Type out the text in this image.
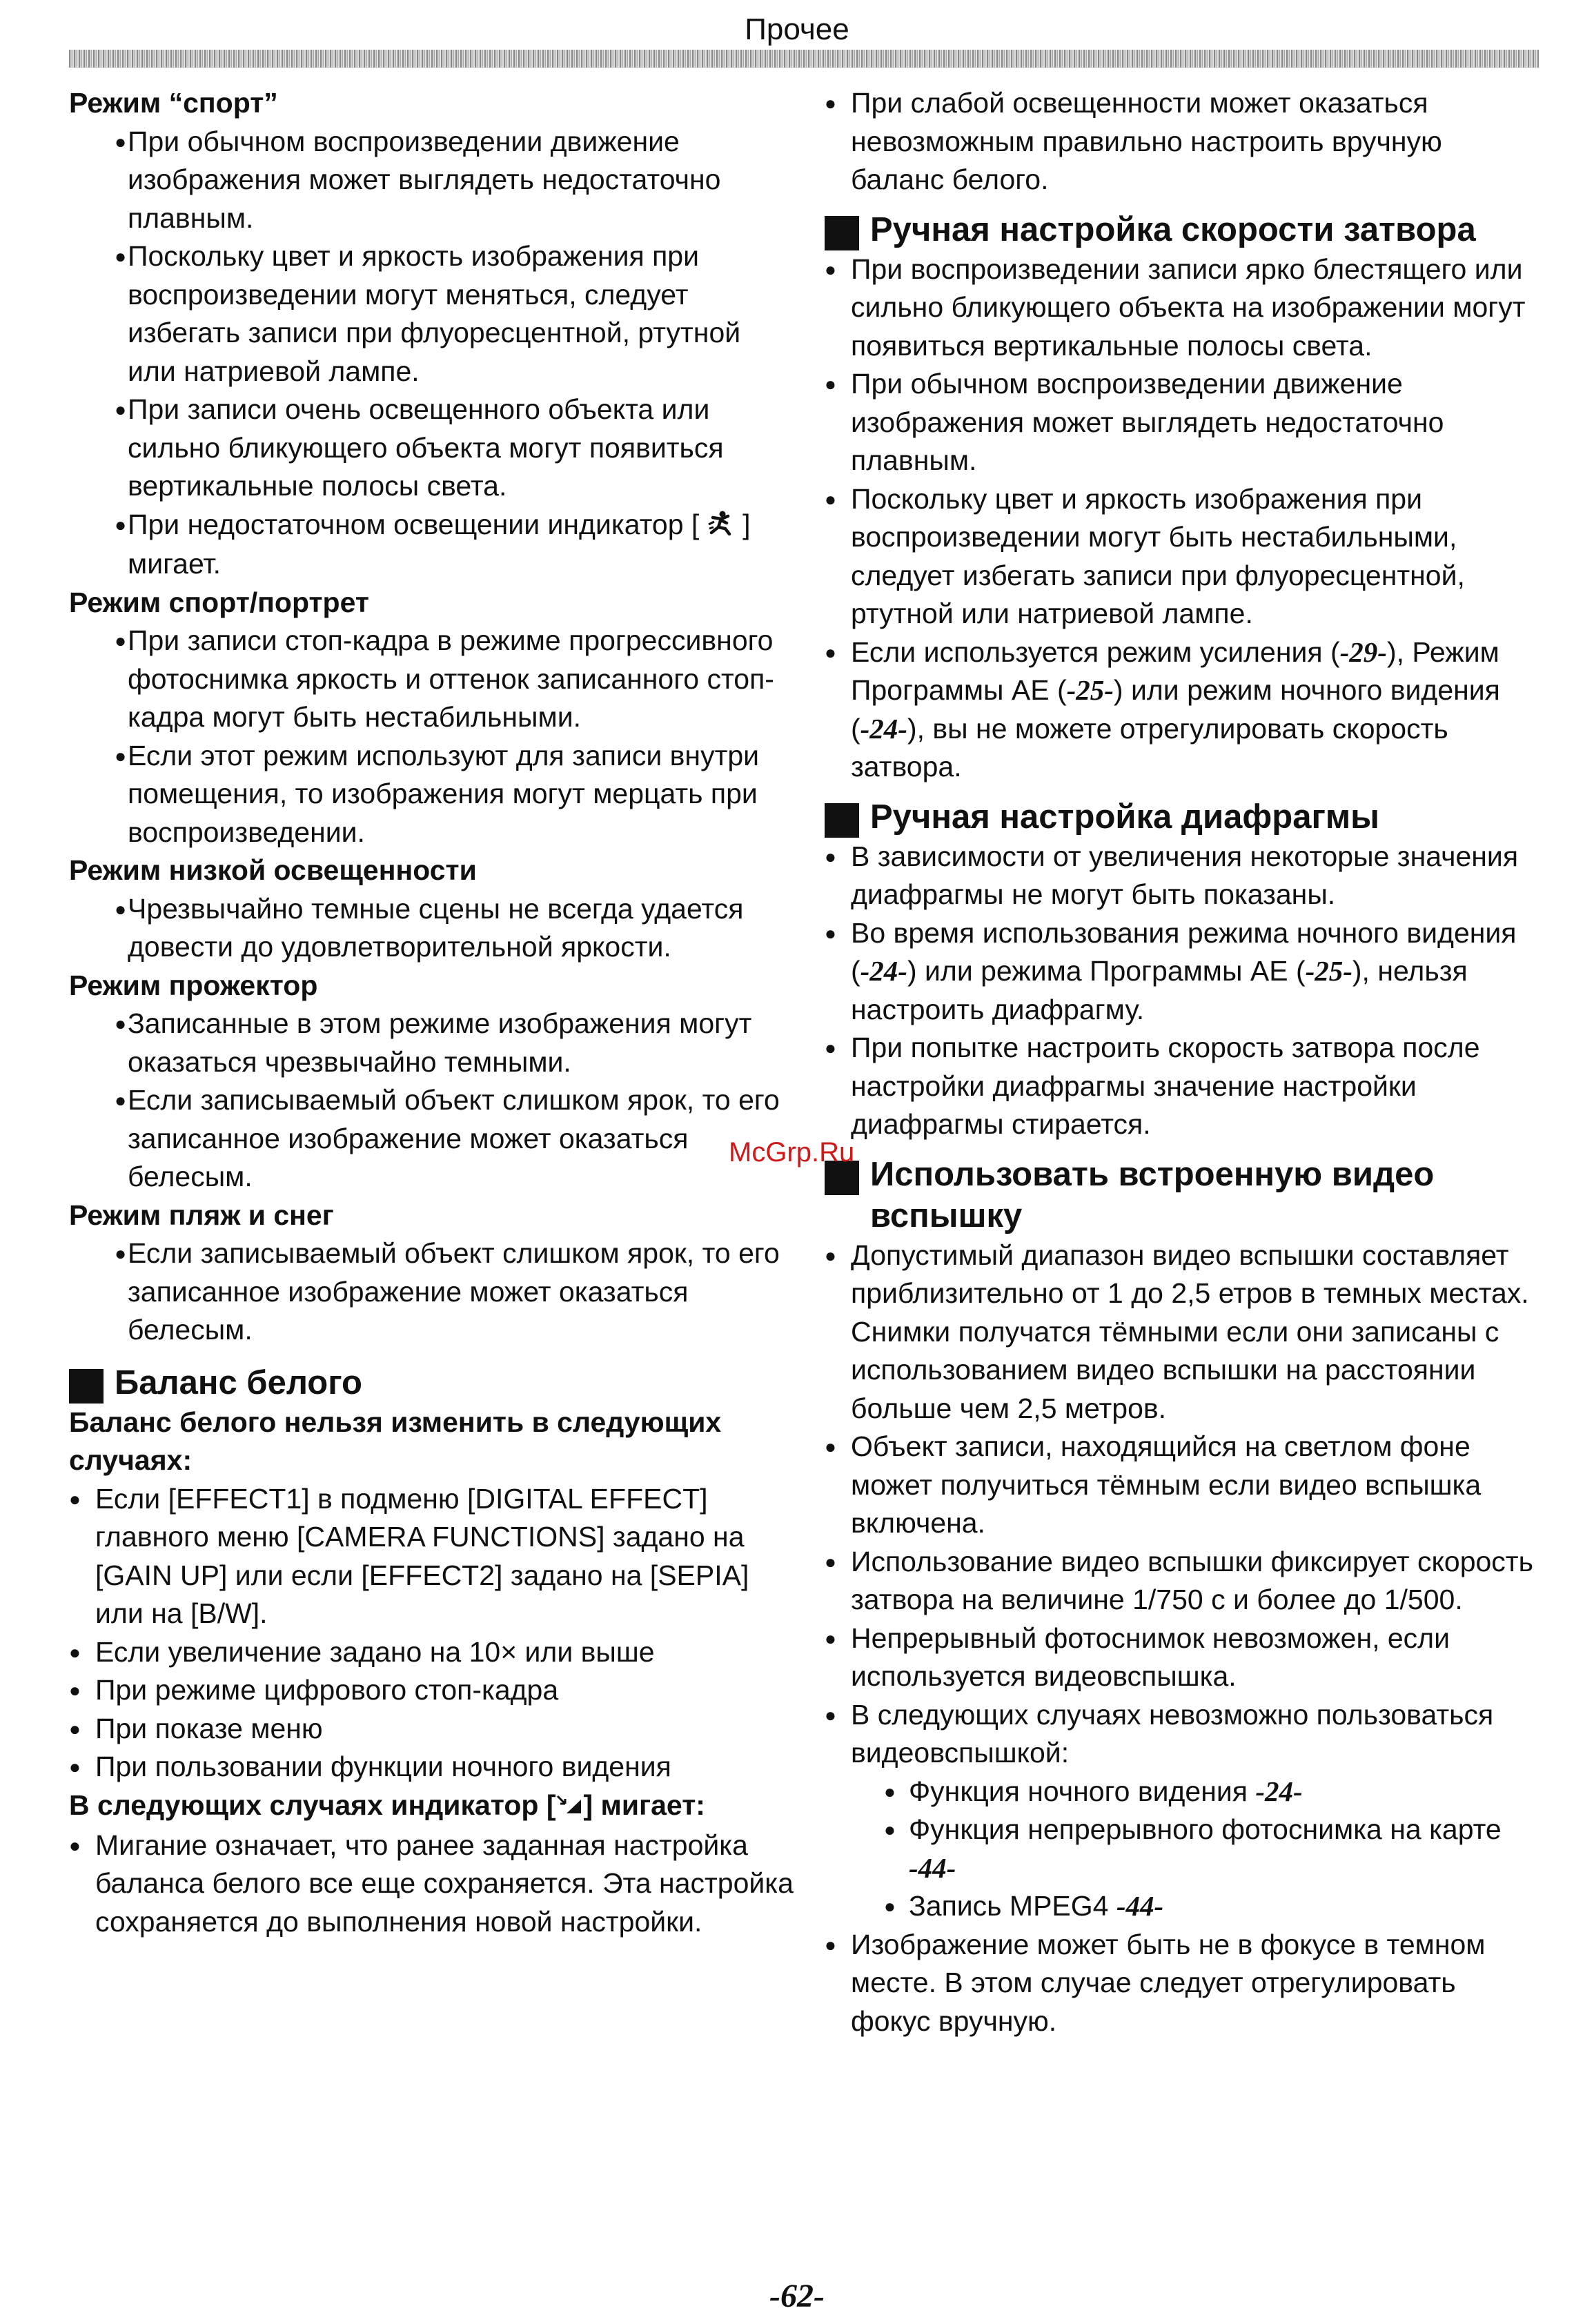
Прочее

Режим “спорт”

● При обычном воспроизведении движение изображения может выглядеть недостаточно плавным.
● Поскольку цвет и яркость изображения при воспроизведении могут меняться, следует избегать записи при флуоресцентной, ртутной или натриевой лампе.
● При записи очень освещенного объекта или сильно бликующего объекта могут появиться вертикальные полосы света.
● При недостаточном освещении индикатор [ ] мигает.

Режим спорт/портрет

● При записи стоп-кадра в режиме прогрессивного фотоснимка яркость и оттенок записанного стоп-кадра могут быть нестабильными.
● Если этот режим используют для записи внутри помещения, то изображения могут мерцать при воспроизведении.

Режим низкой освещенности

● Чрезвычайно темные сцены не всегда удается довести до удовлетворительной яркости.

Режим прожектор

● Записанные в этом режиме изображения могут оказаться чрезвычайно темными.
● Если записываемый объект слишком ярок, то его записанное изображение может оказаться белесым.

Режим пляж и снег

● Если записываемый объект слишком ярок, то его записанное изображение может оказаться белесым.
Баланс белого

Баланс белого нельзя изменить в следующих случаях:

● Если [EFFECT1] в подменю [DIGITAL EFFECT] главного меню [CAMERA FUNCTIONS] задано на [GAIN UP] или если [EFFECT2] задано на [SEPIA] или на [B/W].
● Если увеличение задано на 10× или выше
● При режиме цифрового стоп-кадра
● При показе меню
● При пользовании функции ночного видения

В следующих случаях индикатор [ ] мигает:

● Мигание означает, что ранее заданная настройка баланса белого все еще сохраняется. Эта настройка сохраняется до выполнения новой настройки.
● При слабой освещенности может оказаться невозможным правильно настроить вручную баланс белого.
Ручная настройка скорости затвора
● При воспроизведении записи ярко блестящего или сильно бликующего объекта на изображении могут появиться вертикальные полосы света.
● При обычном воспроизведении движение изображения может выглядеть недостаточно плавным.
● Поскольку цвет и яркость изображения при воспроизведении могут быть нестабильными, следует избегать записи при флуоресцентной, ртутной или натриевой лампе.
● Если используется режим усиления (-29-), Режим Программы АЕ (-25-) или режим ночного видения (-24-), вы не можете отрегулировать скорость затвора.
Ручная настройка диафрагмы
● В зависимости от увеличения некоторые значения диафрагмы не могут быть показаны.
● Во время использования режима ночного видения (-24-) или режима Программы АЕ (-25-), нельзя настроить диафрагму.
● При попытке настроить скорость затвора после настройки диафрагмы значение настройки диафрагмы стирается.
Использовать встроенную видео вспышку
● Допустимый диапазон видео вспышки составляет приблизительно от 1 до 2,5 етров в темных местах. Снимки получатся тёмными если они записаны с использованием видео вспышки на расстоянии больше чем 2,5 метров.
● Объект записи, находящийся на светлом фоне может получиться тёмным если видео вспышка включена.
● Использование видео вспышки фиксирует скорость затвора на величине 1/750 с и более до 1/500.
● Непрерывный фотоснимок невозможен, если используется видеовспышка.
● В следующих случаях невозможно пользоваться видеовспышкой:
● Функция ночного видения -24-
● Функция непрерывного фотоснимка на карте -44-
● Запись MPEG4 -44-
● Изображение может быть не в фокусе в темном месте. В этом случае следует отрегулировать фокус вручную.
McGrp.Ru
-62-
